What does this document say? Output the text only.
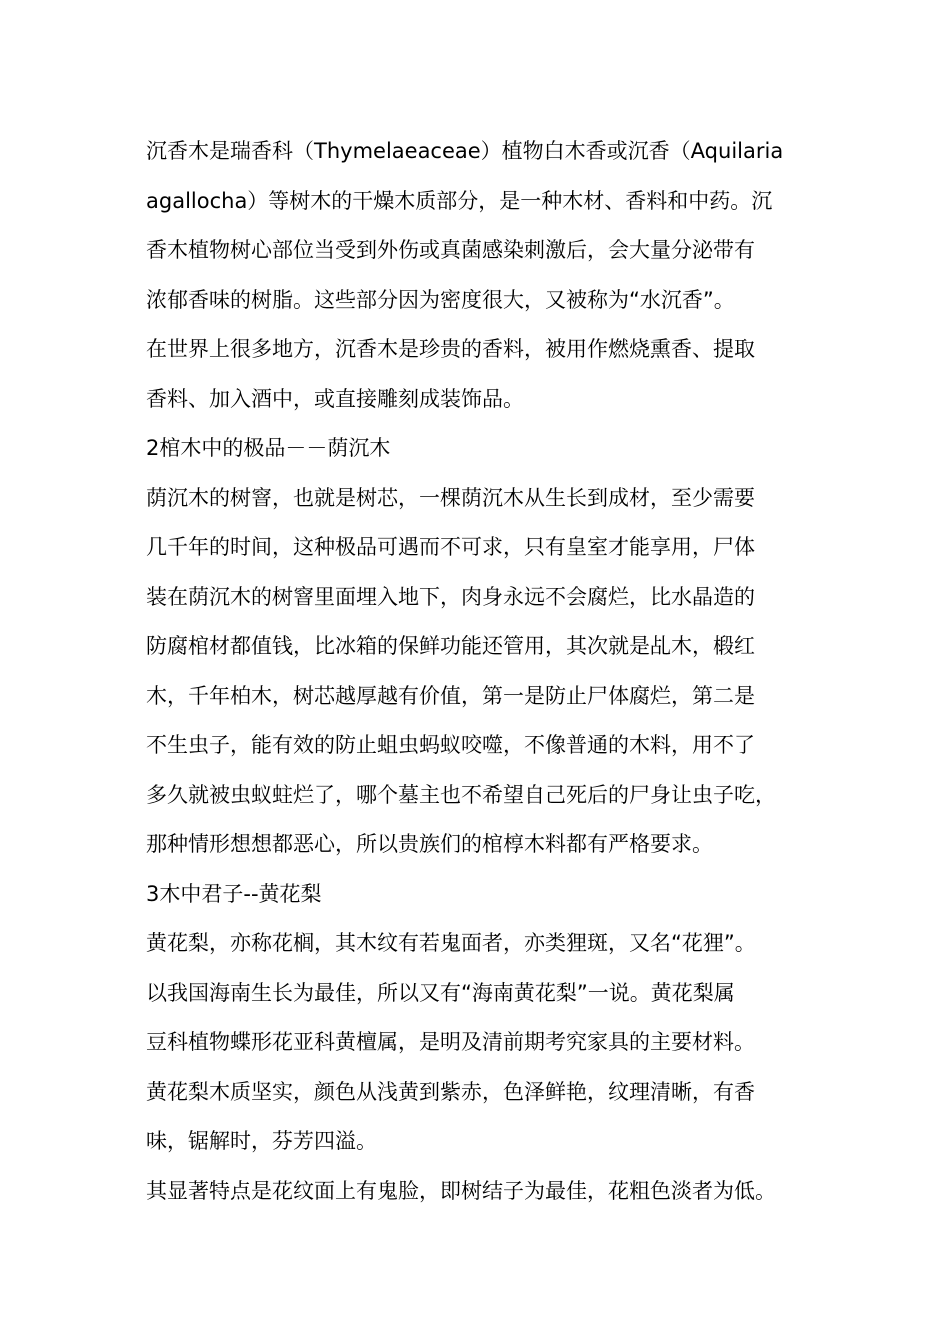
沉香木是瑞香科（Thymelaeaceae）植物白木香或沉香（Aquilaria
agallocha）等树木的干燥木质部分，是一种木材、香料和中药。沉
香木植物树心部位当受到外伤或真菌感染刺激后，会大量分泌带有
浓郁香味的树脂。这些部分因为密度很大，又被称为“水沉香”。
在世界上很多地方，沉香木是珍贵的香料，被用作燃烧熏香、提取
香料、加入酒中，或直接雕刻成装饰品。
2棺木中的极品－－荫沉木
荫沉木的树窨，也就是树芯，一棵荫沉木从生长到成材，至少需要
几千年的时间，这种极品可遇而不可求，只有皇室才能享用，尸体
装在荫沉木的树窨里面埋入地下，肉身永远不会腐烂，比水晶造的
防腐棺材都值钱，比冰箱的保鲜功能还管用，其次就是乩木，椴红
木，千年柏木，树芯越厚越有价值，第一是防止尸体腐烂，第二是
不生虫子，能有效的防止蛆虫蚂蚁咬噬，不像普通的木料，用不了
多久就被虫蚁蛀烂了，哪个墓主也不希望自己死后的尸身让虫子吃，
那种情形想想都恶心，所以贵族们的棺椁木料都有严格要求。
3木中君子--黄花梨
黄花梨，亦称花榈，其木纹有若鬼面者，亦类狸斑，又名“花狸”。
以我国海南生长为最佳，所以又有“海南黄花梨”一说。黄花梨属
豆科植物蝶形花亚科黄檀属，是明及清前期考究家具的主要材料。
黄花梨木质坚实，颜色从浅黄到紫赤，色泽鲜艳，纹理清晰，有香
味，锯解时，芬芳四溢。
其显著特点是花纹面上有鬼脸，即树结子为最佳，花粗色淡者为低。
